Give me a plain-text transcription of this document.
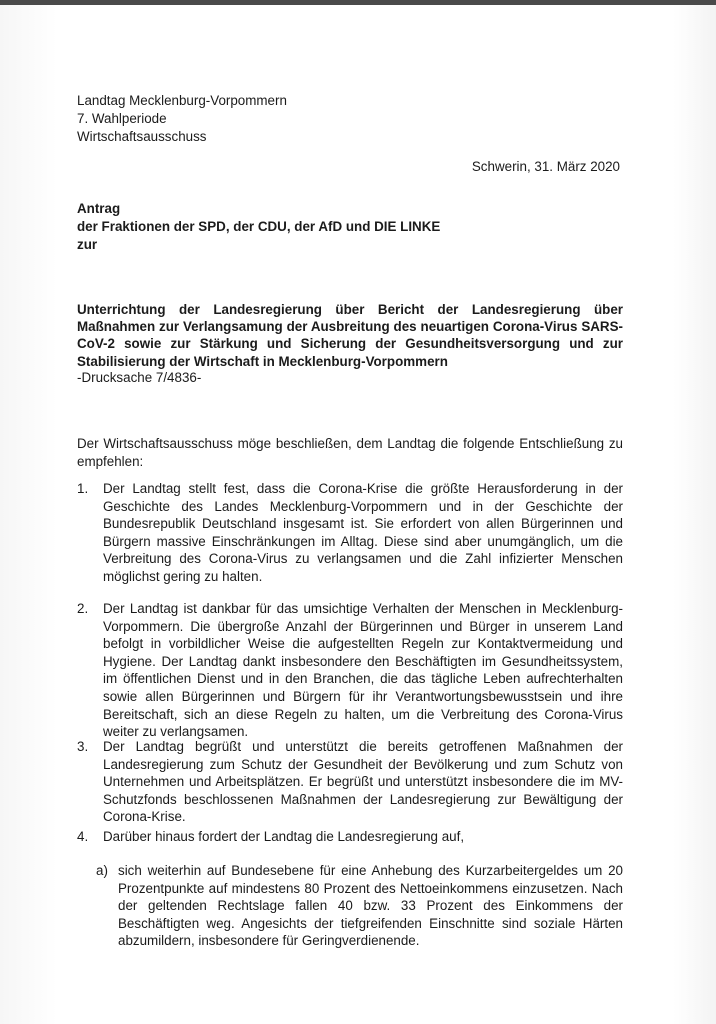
Landtag Mecklenburg-Vorpommern
7. Wahlperiode
Wirtschaftsausschuss
Schwerin, 31. März 2020
Antrag
der Fraktionen der SPD, der CDU, der AfD und DIE LINKE
zur
Unterrichtung der Landesregierung über Bericht der Landesregierung über Maßnahmen zur Verlangsamung der Ausbreitung des neuartigen Corona-Virus SARS-CoV-2 sowie zur Stärkung und Sicherung der Gesundheitsversorgung und zur Stabilisierung der Wirtschaft in Mecklenburg-Vorpommern
-Drucksache 7/4836-
Der Wirtschaftsausschuss möge beschließen, dem Landtag die folgende Entschließung zu empfehlen:
1.	Der Landtag stellt fest, dass die Corona-Krise die größte Herausforderung in der Geschichte des Landes Mecklenburg-Vorpommern und in der Geschichte der Bundesrepublik Deutschland insgesamt ist. Sie erfordert von allen Bürgerinnen und Bürgern massive Einschränkungen im Alltag. Diese sind aber unumgänglich, um die Verbreitung des Corona-Virus zu verlangsamen und die Zahl infizierter Menschen möglichst gering zu halten.
2.	Der Landtag ist dankbar für das umsichtige Verhalten der Menschen in Mecklenburg-Vorpommern. Die übergroße Anzahl der Bürgerinnen und Bürger in unserem Land befolgt in vorbildlicher Weise die aufgestellten Regeln zur Kontaktvermeidung und Hygiene. Der Landtag dankt insbesondere den Beschäftigten im Gesundheitssystem, im öffentlichen Dienst und in den Branchen, die das tägliche Leben aufrechterhalten sowie allen Bürgerinnen und Bürgern für ihr Verantwortungsbewusstsein und ihre Bereitschaft, sich an diese Regeln zu halten, um die Verbreitung des Corona-Virus weiter zu verlangsamen.
3.	Der Landtag begrüßt und unterstützt die bereits getroffenen Maßnahmen der Landesregierung zum Schutz der Gesundheit der Bevölkerung und zum Schutz von Unternehmen und Arbeitsplätzen. Er begrüßt und unterstützt insbesondere die im MV-Schutzfonds beschlossenen Maßnahmen der Landesregierung zur Bewältigung der Corona-Krise.
4.	Darüber hinaus fordert der Landtag die Landesregierung auf,
a) sich weiterhin auf Bundesebene für eine Anhebung des Kurzarbeitergeldes um 20 Prozentpunkte auf mindestens 80 Prozent des Nettoeinkommens einzusetzen. Nach der geltenden Rechtslage fallen 40 bzw. 33 Prozent des Einkommens der Beschäftigten weg. Angesichts der tiefgreifenden Einschnitte sind soziale Härten abzumildern, insbesondere für Geringverdienende.
